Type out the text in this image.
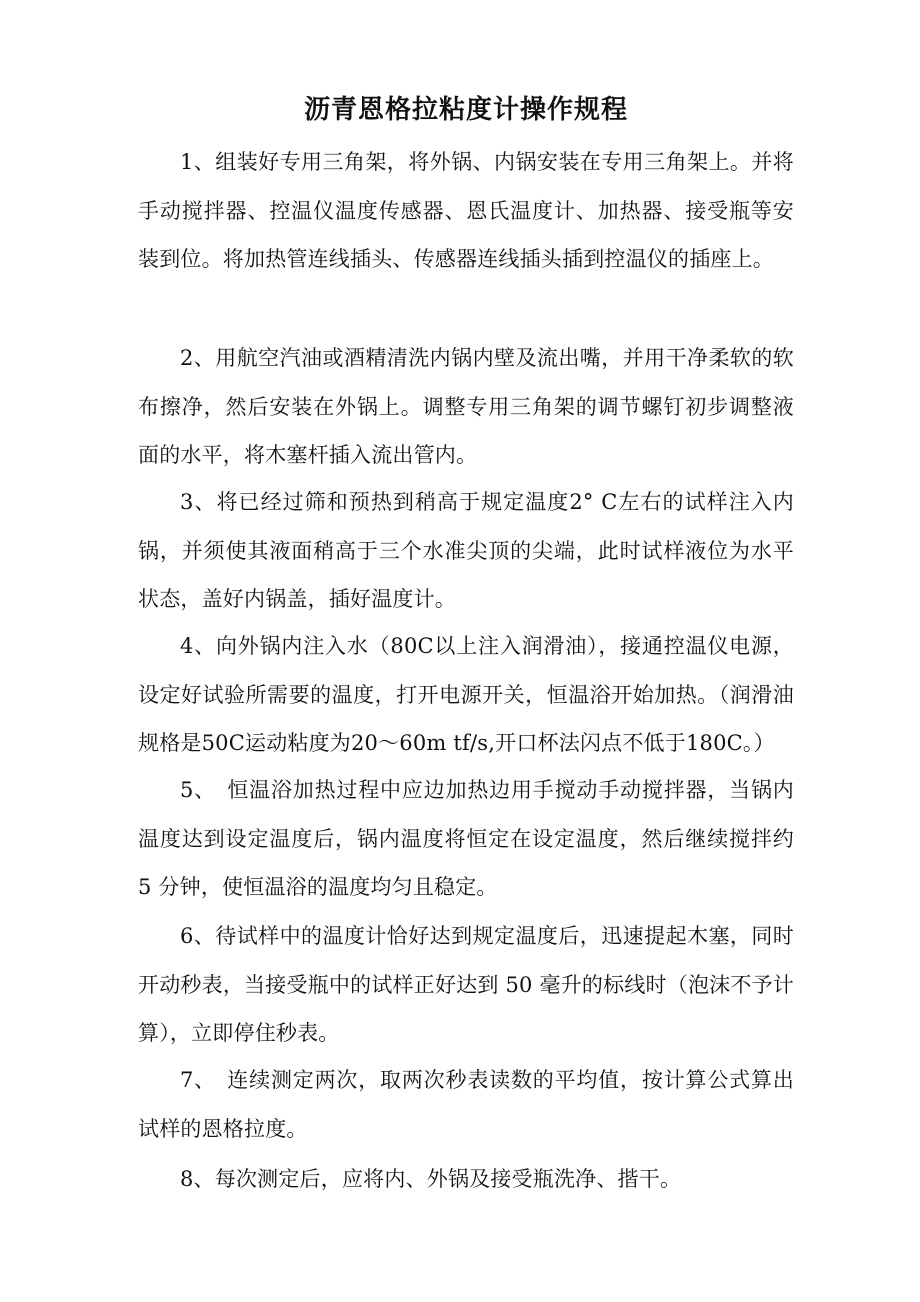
沥青恩格拉粘度计操作规程

1、组装好专用三角架，将外锅、内锅安装在专用三角架上。并将手动搅拌器、控温仪温度传感器、恩氏温度计、加热器、接受瓶等安装到位。将加热管连线插头、传感器连线插头插到控温仪的插座上。

2、用航空汽油或酒精清洗内锅内壁及流出嘴，并用干净柔软的软布擦净，然后安装在外锅上。调整专用三角架的调节螺钉初步调整液面的水平，将木塞杆插入流出管内。

3、将已经过筛和预热到稍高于规定温度2° C左右的试样注入内锅，并须使其液面稍高于三个水准尖顶的尖端，此时试样液位为水平状态，盖好内锅盖，插好温度计。

4、向外锅内注入水（80C以上注入润滑油），接通控温仪电源，设定好试验所需要的温度，打开电源开关，恒温浴开始加热。（润滑油规格是50C运动粘度为20〜60m tf/s,开口杯法闪点不低于180C。）

5、　恒温浴加热过程中应边加热边用手搅动手动搅拌器，当锅内 温度达到设定温度后，锅内温度将恒定在设定温度，然后继续搅拌约 5 分钟，使恒温浴的温度均匀且稳定。

6、待试样中的温度计恰好达到规定温度后，迅速提起木塞，同时开动秒表，当接受瓶中的试样正好达到 50 毫升的标线时（泡沫不予计算），立即停住秒表。

7、　连续测定两次，取两次秒表读数的平均值，按计算公式算出 试样的恩格拉度。

8、每次测定后，应将内、外锅及接受瓶洗净、揩干。
